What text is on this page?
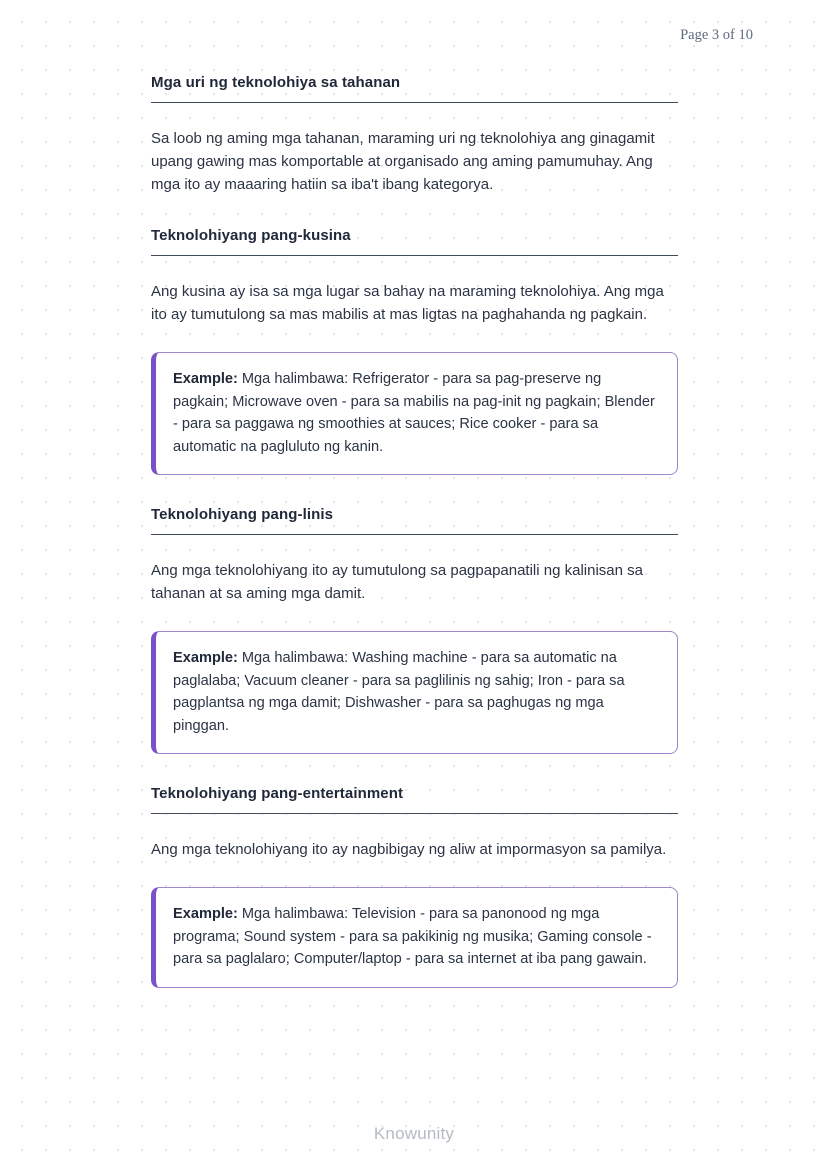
Page 3 of 10
Mga uri ng teknolohiya sa tahanan

Sa loob ng aming mga tahanan, maraming uri ng teknolohiya ang ginagamit upang gawing mas komportable at organisado ang aming pamumuhay. Ang mga ito ay maaaring hatiin sa iba't ibang kategorya.

Teknolohiyang pang-kusina

Ang kusina ay isa sa mga lugar sa bahay na maraming teknolohiya. Ang mga ito ay tumutulong sa mas mabilis at mas ligtas na paghahanda ng pagkain.

Example: Mga halimbawa: Refrigerator - para sa pag-preserve ng pagkain; Microwave oven - para sa mabilis na pag-init ng pagkain; Blender - para sa paggawa ng smoothies at sauces; Rice cooker - para sa automatic na pagluluto ng kanin.
Teknolohiyang pang-linis

Ang mga teknolohiyang ito ay tumutulong sa pagpapanatili ng kalinisan sa tahanan at sa aming mga damit.

Example: Mga halimbawa: Washing machine - para sa automatic na paglalaba; Vacuum cleaner - para sa paglilinis ng sahig; Iron - para sa pagplantsa ng mga damit; Dishwasher - para sa paghugas ng mga pinggan.
Teknolohiyang pang-entertainment

Ang mga teknolohiyang ito ay nagbibigay ng aliw at impormasyon sa pamilya.

Example: Mga halimbawa: Television - para sa panonood ng mga programa; Sound system - para sa pakikinig ng musika; Gaming console - para sa paglalaro; Computer/laptop - para sa internet at iba pang gawain.
Knowunity
